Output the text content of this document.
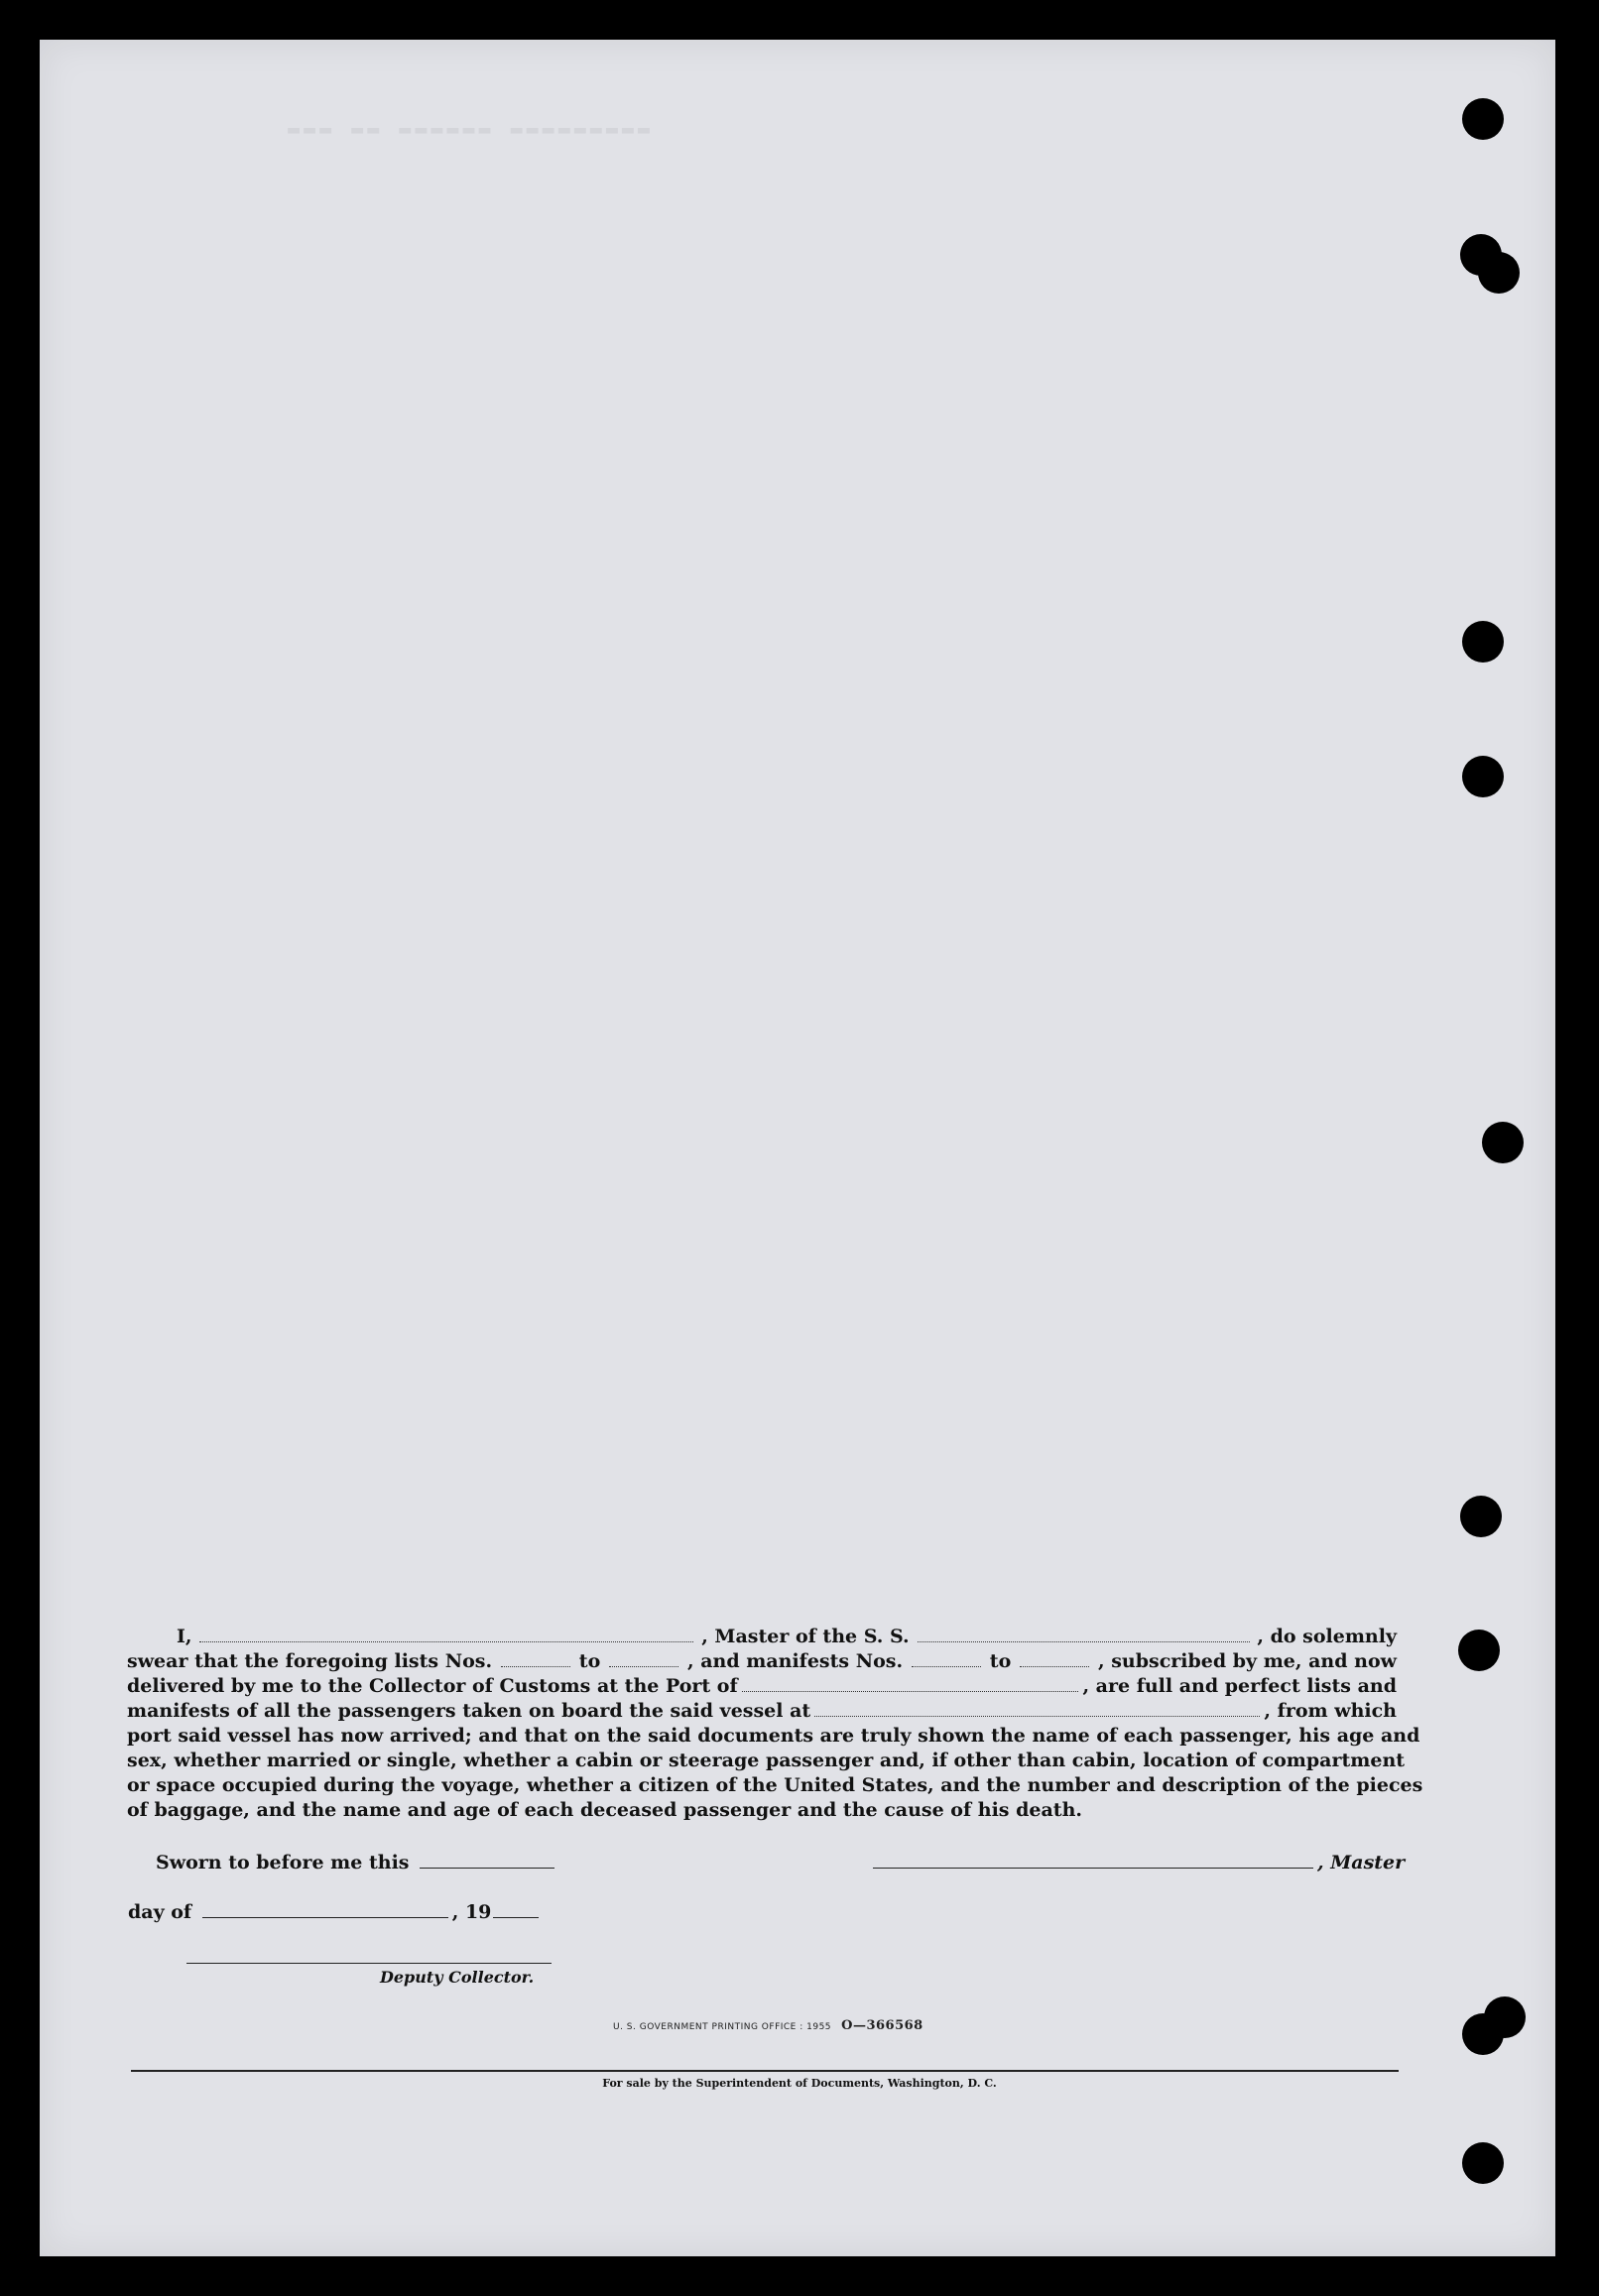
▬▬▬ ▬▬ ▬▬▬▬▬▬ ▬▬▬▬▬▬▬▬▬
I,	, Master of the S. S.	, do solemnly
swear that the foregoing lists Nos.	to	, and manifests Nos.	to	, subscribed by me, and now
delivered by me to the Collector of Customs at the Port of	, are full and perfect lists and
manifests of all the passengers taken on board the said vessel at	, from which
port said vessel has now arrived; and that on the said documents are truly shown the name of each passenger, his age and
sex, whether married or single, whether a cabin or steerage passenger and, if other than cabin, location of compartment
or space occupied during the voyage, whether a citizen of the United States, and the number and description of the pieces
of baggage, and the name and age of each deceased passenger and the cause of his death.
Sworn to before me this	, Master
day of	, 19
Deputy Collector.
U. S. GOVERNMENT PRINTING OFFICE : 1955 O—366568
For sale by the Superintendent of Documents, Washington, D. C.
